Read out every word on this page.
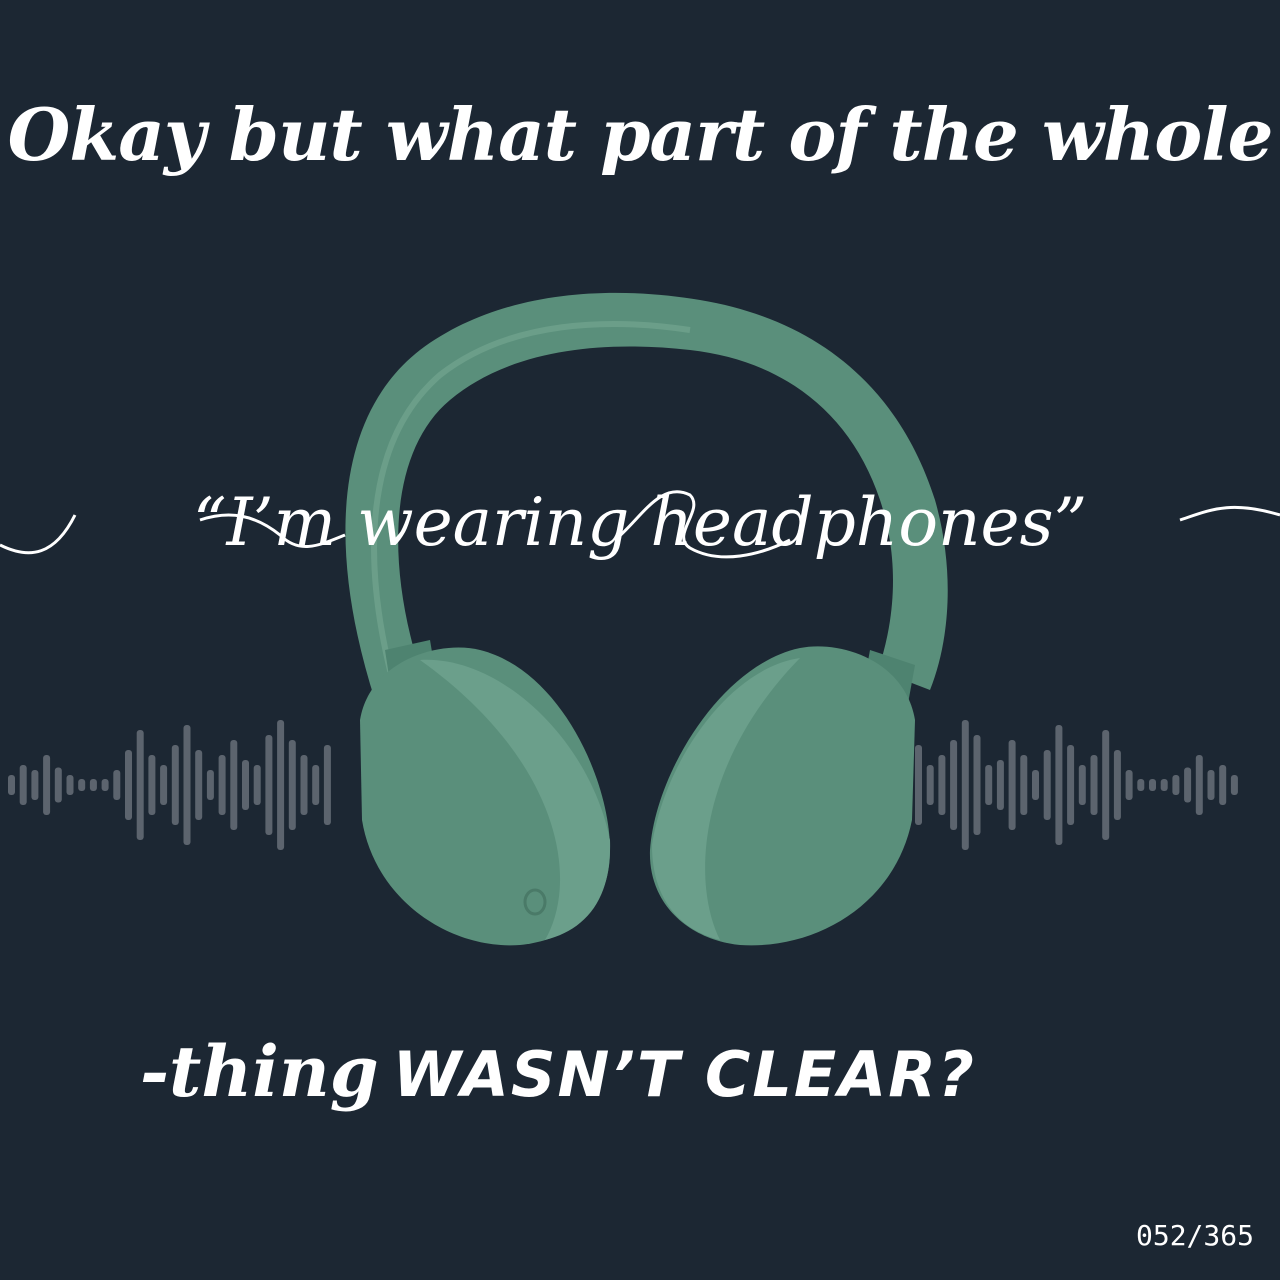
Okay but what part of the whole
“I’m wearing headphones”

-thing WASN’T CLEAR?

052/365
